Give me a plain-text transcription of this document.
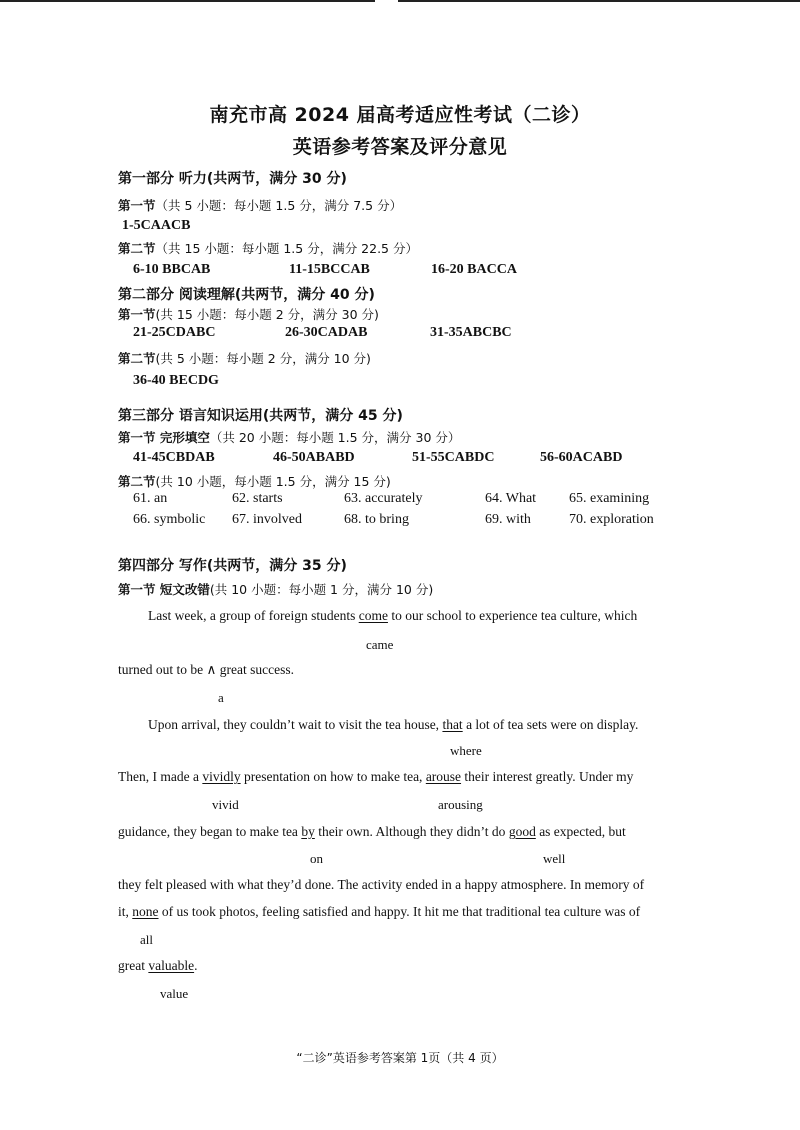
南充市高 2024 届高考适应性考试（二诊）
英语参考答案及评分意见
第一部分 听力(共两节，满分 30 分)
第一节（共 5 小题：每小题 1.5 分，满分 7.5 分）
1-5CAACB
第二节（共 15 小题：每小题 1.5 分，满分 22.5 分）
6-10 BBCAB	11-15BCCAB	16-20 BACCA
第二部分 阅读理解(共两节，满分 40 分)
第一节(共 15 小题：每小题 2 分，满分 30 分)
21-25CDABC	26-30CADAB	31-35ABCBC
第二节(共 5 小题：每小题 2 分，满分 10 分)
36-40 BECDG
第三部分 语言知识运用(共两节，满分 45 分)
第一节 完形填空（共 20 小题：每小题 1.5 分，满分 30 分）
41-45CBDAB	46-50ABABD	51-55CABDC	56-60ACABD
第二节(共 10 小题，每小题 1.5 分，满分 15 分)
61. an	62. starts	63. accurately	64. What 65. examining
66. symbolic 67. involved	68. to bring	69. with	70. exploration
第四部分 写作(共两节，满分 35 分)
第一节 短文改错(共 10 小题：每小题 1 分，满分 10 分)
Last week, a group of foreign students come to our school to experience tea culture, which
came
turned out to be ∧ great success.
a
Upon arrival, they couldn’t wait to visit the tea house, that a lot of tea sets were on display.
where
Then, I made a vividly presentation on how to make tea, arouse their interest greatly. Under my
vivid	arousing
guidance, they began to make tea by their own. Although they didn’t do good as expected, but
on	well
they felt pleased with what they’d done. The activity ended in a happy atmosphere. In memory of
it, none of us took photos, feeling satisfied and happy. It hit me that traditional tea culture was of
all
great valuable.
value
“二诊”英语参考答案第 1页（共 4 页）
